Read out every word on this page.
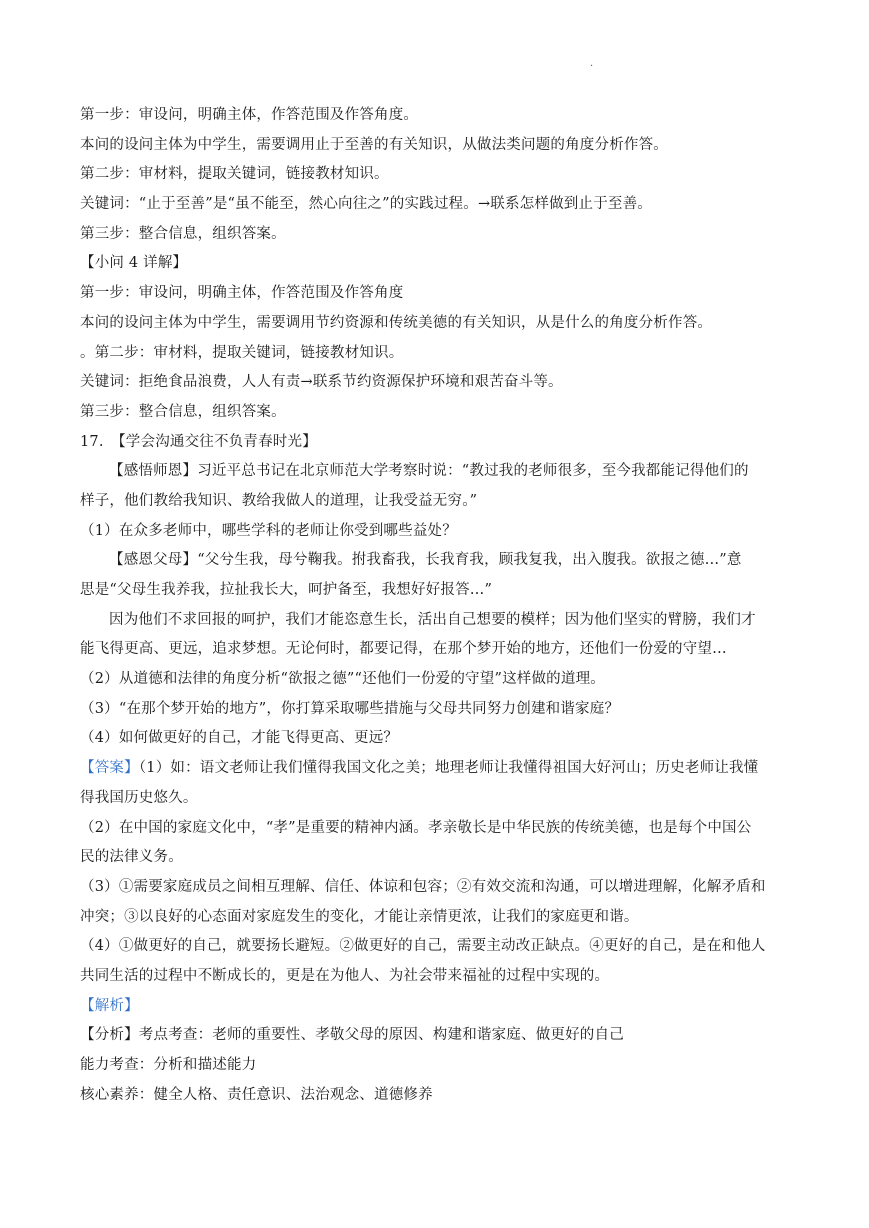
.
第一步：审设问，明确主体，作答范围及作答角度。
本问的设问主体为中学生，需要调用止于至善的有关知识，从做法类问题的角度分析作答。
第二步：审材料，提取关键词，链接教材知识。
关键词：“止于至善”是“虽不能至，然心向往之”的实践过程。→联系怎样做到止于至善。
第三步：整合信息，组织答案。
【小问 4 详解】
第一步：审设问，明确主体，作答范围及作答角度
本问的设问主体为中学生，需要调用节约资源和传统美德的有关知识，从是什么的角度分析作答。
。第二步：审材料，提取关键词，链接教材知识。
关键词：拒绝食品浪费，人人有责→联系节约资源保护环境和艰苦奋斗等。
第三步：整合信息，组织答案。
17.　【学会沟通交往不负青春时光】
【感悟师恩】习近平总书记在北京师范大学考察时说：“教过我的老师很多，至今我都能记得他们的
样子，他们教给我知识、教给我做人的道理，让我受益无穷。”
（1）在众多老师中，哪些学科的老师让你受到哪些益处？
【感恩父母】“父兮生我，母兮鞠我。拊我畜我，长我育我，顾我复我，出入腹我。欲报之德…”意
思是“父母生我养我，拉扯我长大，呵护备至，我想好好报答…”
因为他们不求回报的呵护，我们才能恣意生长，活出自己想要的模样；因为他们坚实的臂膀，我们才
能飞得更高、更远，追求梦想。无论何时，都要记得，在那个梦开始的地方，还他们一份爱的守望…
（2）从道德和法律的角度分析“欲报之德”“还他们一份爱的守望”这样做的道理。
（3）“在那个梦开始的地方”，你打算采取哪些措施与父母共同努力创建和谐家庭？
（4）如何做更好的自己，才能飞得更高、更远？
【答案】（1）如：语文老师让我们懂得我国文化之美；地理老师让我懂得祖国大好河山；历史老师让我懂
得我国历史悠久。
（2）在中国的家庭文化中，“孝”是重要的精神内涵。孝亲敬长是中华民族的传统美德，也是每个中国公
民的法律义务。
（3）①需要家庭成员之间相互理解、信任、体谅和包容；②有效交流和沟通，可以增进理解，化解矛盾和
冲突；③以良好的心态面对家庭发生的变化，才能让亲情更浓，让我们的家庭更和谐。
（4）①做更好的自己，就要扬长避短。②做更好的自己，需要主动改正缺点。④更好的自己，是在和他人
共同生活的过程中不断成长的，更是在为他人、为社会带来福祉的过程中实现的。
【解析】
【分析】考点考查：老师的重要性、孝敬父母的原因、构建和谐家庭、做更好的自己
能力考查：分析和描述能力
核心素养：健全人格、责任意识、法治观念、道德修养
